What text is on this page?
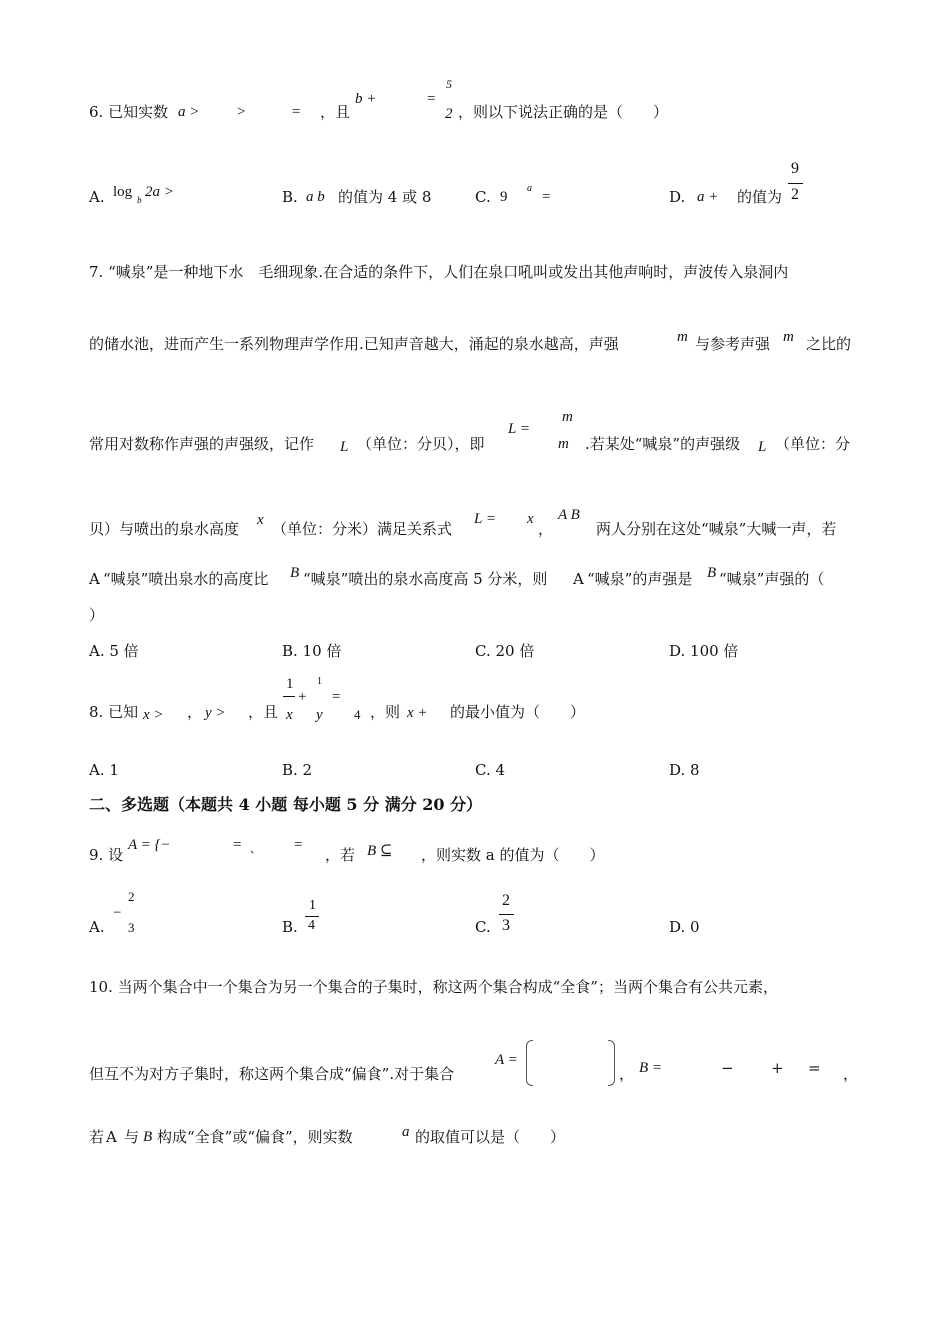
6. 已知实数 a > >	= ，且
b +	=
5
2 ，则以下说法正确的是（　　）
A. log b 2a >	B. a b 的值为 4 或 8	C. 9
a
=	D. a + 的值为
9
2
7. “喊泉”是一种地下水　毛细现象.在合适的条件下，人们在泉口吼叫或发出其他声响时，声波传入泉洞内
的储水池，进而产生一系列物理声学作用.已知声音越大，涌起的泉水越高，声强	m 与参考声强 m 之比的
常用对数称作声强的声强级，记作 L （单位：分贝），即
L =
m
m .若某处“喊泉”的声强级 L （单位：分
贝）与喷出的泉水高度 x （单位：分米）满足关系式
L = x
，
A B
两人分别在这处“喊泉”大喊一声，若
A “喊泉”喷出泉水的高度比 B “喊泉”喷出的泉水高度高 5 分米，则 A “喊泉”的声强是 B “喊泉”声强的（
）
A. 5 倍	B. 10 倍	C. 20 倍	D. 100 倍
8. 已知 x > ， y > ，且
1
x
+
1
y
=
4 ，则 x + 的最小值为（　　）
A. 1	B. 2	C. 4	D. 8
二、多选题（本题共 4 小题 每小题 5 分 满分 20 分）
9. 设
A = {−	= 、 =
，若 B ⊆ ，则实数 a 的值为（　　）
A.
−
2
3	B.
1
4	C.
2
3	D. 0
10. 当两个集合中一个集合为另一个集合的子集时，称这两个集合构成“全食”；当两个集合有公共元素，
但互不为对方子集时，称这两个集合成“偏食”.对于集合
A =
， B =	− + = ，
若 A 与 B 构成“全食”或“偏食”，则实数	a 的取值可以是（　　）
